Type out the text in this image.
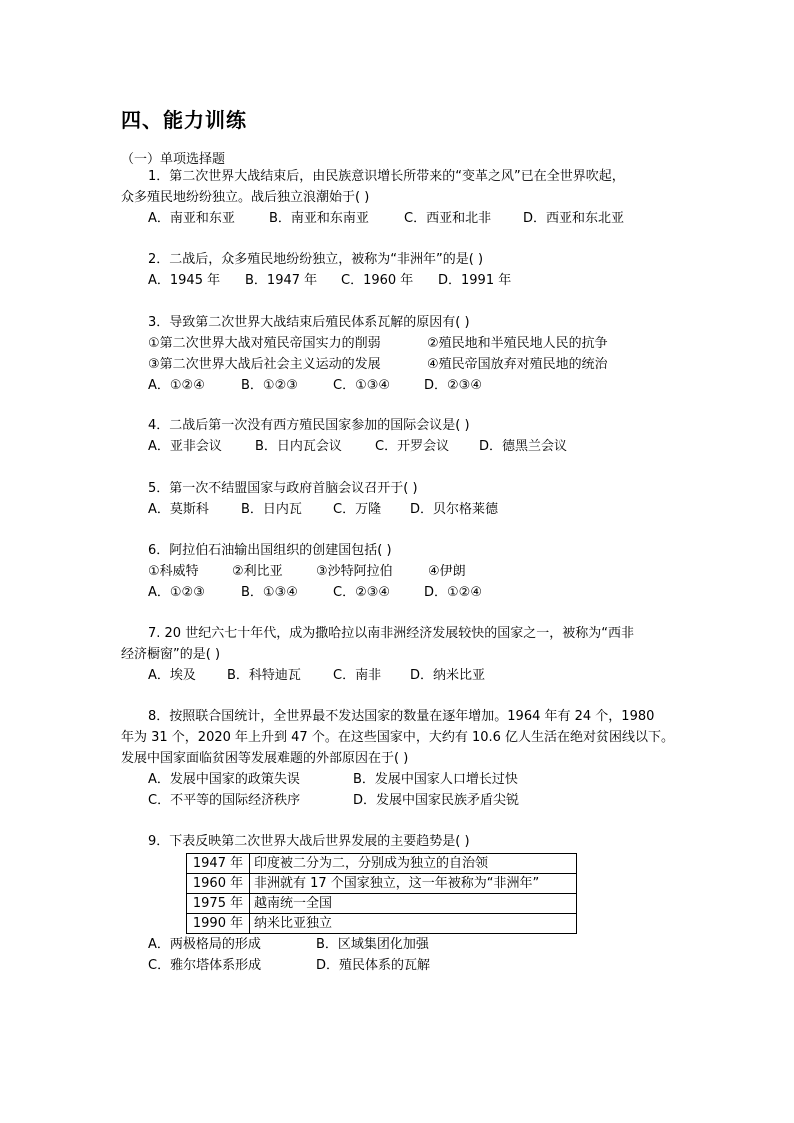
四、能力训练
（一）单项选择题
1．第二次世界大战结束后，由民族意识增长所带来的“变革之风”已在全世界吹起，
众多殖民地纷纷独立。战后独立浪潮始于( )
A．南亚和东亚	B．南亚和东南亚	C．西亚和北非 D．西亚和东北亚
2．二战后，众多殖民地纷纷独立，被称为“非洲年”的是( )
A．1945 年 B．1947 年 C．1960 年 D．1991 年
3．导致第二次世界大战结束后殖民体系瓦解的原因有( )
①第二次世界大战对殖民帝国实力的削弱	②殖民地和半殖民地人民的抗争
③第二次世界大战后社会主义运动的发展	④殖民帝国放弃对殖民地的统治
A．①②④	B．①②③	C．①③④	D．②③④
4．二战后第一次没有西方殖民国家参加的国际会议是( )
A．亚非会议	B．日内瓦会议	C．开罗会议 D．德黑兰会议
5．第一次不结盟国家与政府首脑会议召开于( )
A．莫斯科 B．日内瓦 C．万隆 D．贝尔格莱德
6．阿拉伯石油输出国组织的创建国包括( )
①科威特	②利比亚	③沙特阿拉伯	④伊朗
A．①②③	B．①③④	C．②③④	D．①②④
7. 20 世纪六七十年代，成为撒哈拉以南非洲经济发展较快的国家之一，被称为“西非
经济橱窗”的是( )
A．埃及 B．科特迪瓦 C．南非 D．纳米比亚
8．按照联合国统计，全世界最不发达国家的数量在逐年增加。1964 年有 24 个，1980
年为 31 个，2020 年上升到 47 个。在这些国家中，大约有 10.6 亿人生活在绝对贫困线以下。
发展中国家面临贫困等发展难题的外部原因在于( )
A．发展中国家的政策失误	B．发展中国家人口增长过快
C．不平等的国际经济秩序	D．发展中国家民族矛盾尖锐
9．下表反映第二次世界大战后世界发展的主要趋势是( )
1947 年	印度被二分为二，分别成为独立的自治领
1960 年	非洲就有 17 个国家独立，这一年被称为“非洲年”
1975 年	越南统一全国
1990 年	纳米比亚独立
A．两极格局的形成	B．区域集团化加强
C．雅尔塔体系形成	D．殖民体系的瓦解
